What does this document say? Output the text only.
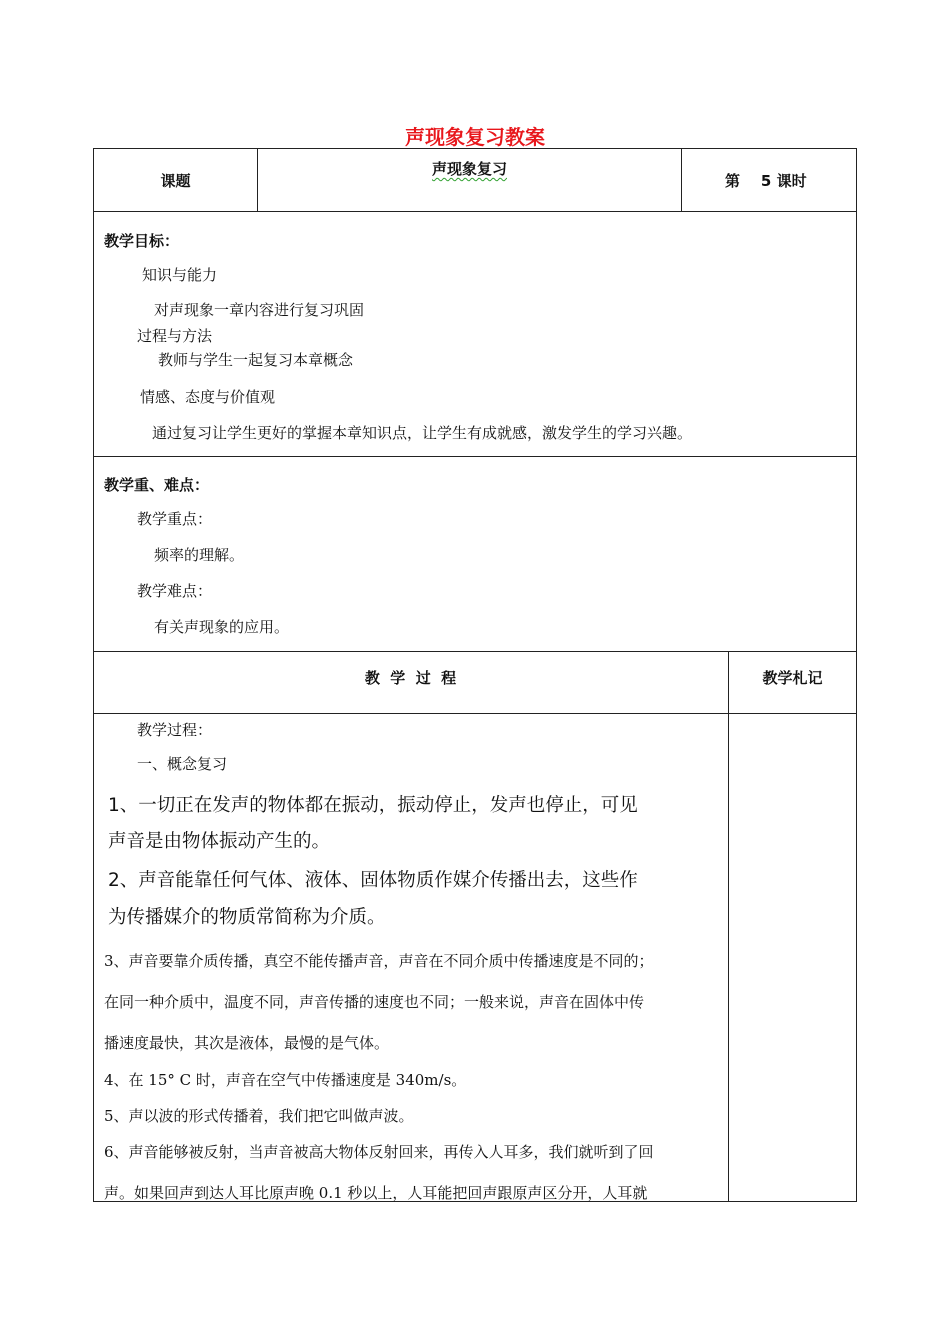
声现象复习教案
课题
声现象复习
第 5 课时
教学目标：
知识与能力
对声现象一章内容进行复习巩固
过程与方法
教师与学生一起复习本章概念
情感、态度与价值观
通过复习让学生更好的掌握本章知识点，让学生有成就感，激发学生的学习兴趣。
教学重、难点：
教学重点：
频率的理解。
教学难点：
有关声现象的应用。
教  学  过  程	教学札记
教学过程：
一、概念复习
1、一切正在发声的物体都在振动，振动停止，发声也停止，可见
声音是由物体振动产生的。
2、声音能靠任何气体、液体、固体物质作媒介传播出去，这些作
为传播媒介的物质常简称为介质。
3、声音要靠介质传播，真空不能传播声音，声音在不同介质中传播速度是不同的；
在同一种介质中，温度不同，声音传播的速度也不同；一般来说，声音在固体中传
播速度最快，其次是液体，最慢的是气体。
4、在 15° C 时，声音在空气中传播速度是 340m/s。
5、声以波的形式传播着，我们把它叫做声波。
6、声音能够被反射，当声音被高大物体反射回来，再传入人耳多，我们就听到了回
声。如果回声到达人耳比原声晚 0.1 秒以上，人耳能把回声跟原声区分开，人耳就
